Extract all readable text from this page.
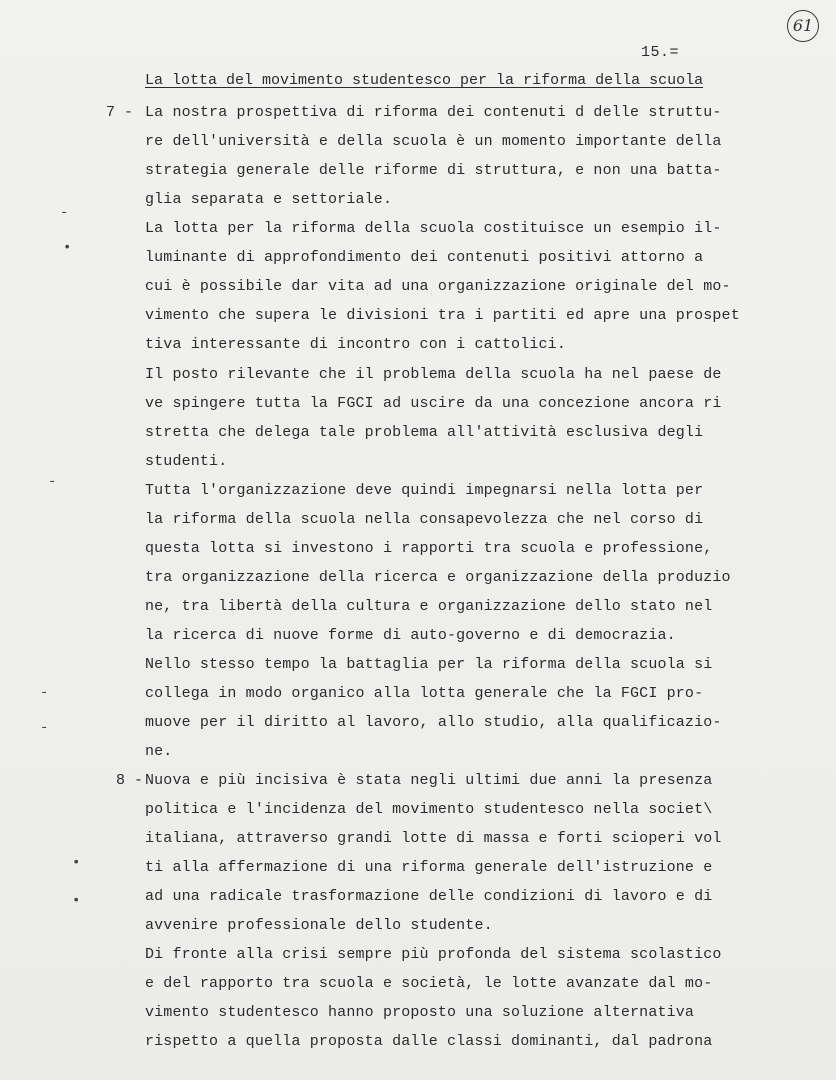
61
15.=
La lotta del movimento studentesco per la riforma della scuola
7 - La nostra prospettiva di riforma dei contenuti d delle struttu-
re dell'università e della scuola è un momento importante della
strategia generale delle riforme di struttura, e non una batta-
glia separata e settoriale.
La lotta per la riforma della scuola costituisce un esempio il-
luminante di approfondimento dei contenuti positivi attorno a
cui è possibile dar vita ad una organizzazione originale del mo-
vimento che supera le divisioni tra i partiti ed apre una prospet
tiva interessante di incontro con i cattolici.
Il posto rilevante che il problema della scuola ha nel paese de
ve spingere tutta la FGCI ad uscire da una concezione ancora ri
stretta che delega tale problema all'attività esclusiva degli
studenti.
Tutta l'organizzazione deve quindi impegnarsi nella lotta per
la riforma della scuola nella consapevolezza che nel corso di
questa lotta si investono i rapporti tra scuola e professione,
tra organizzazione della ricerca e organizzazione della produzio
ne, tra libertà della cultura e organizzazione dello stato nel
la ricerca di nuove forme di auto-governo e di democrazia.
Nello stesso tempo la battaglia per la riforma della scuola si
collega in modo organico alla lotta generale che la FGCI pro-
muove per il diritto al lavoro, allo studio, alla qualificazio-
ne.
8 - Nuova e più incisiva è stata negli ultimi due anni la presenza
politica e l'incidenza del movimento studentesco nella societ\
italiana, attraverso grandi lotte di massa e forti scioperi vol
ti alla affermazione di una riforma generale dell'istruzione e
ad una radicale trasformazione delle condizioni di lavoro e di
avvenire professionale dello studente.
Di fronte alla crisi sempre più profonda del sistema scolastico
e del rapporto tra scuola e società, le lotte avanzate dal mo-
vimento studentesco hanno proposto una soluzione alternativa
rispetto a quella proposta dalle classi dominanti, dal padrona
-
•
-
-
-
•
•
